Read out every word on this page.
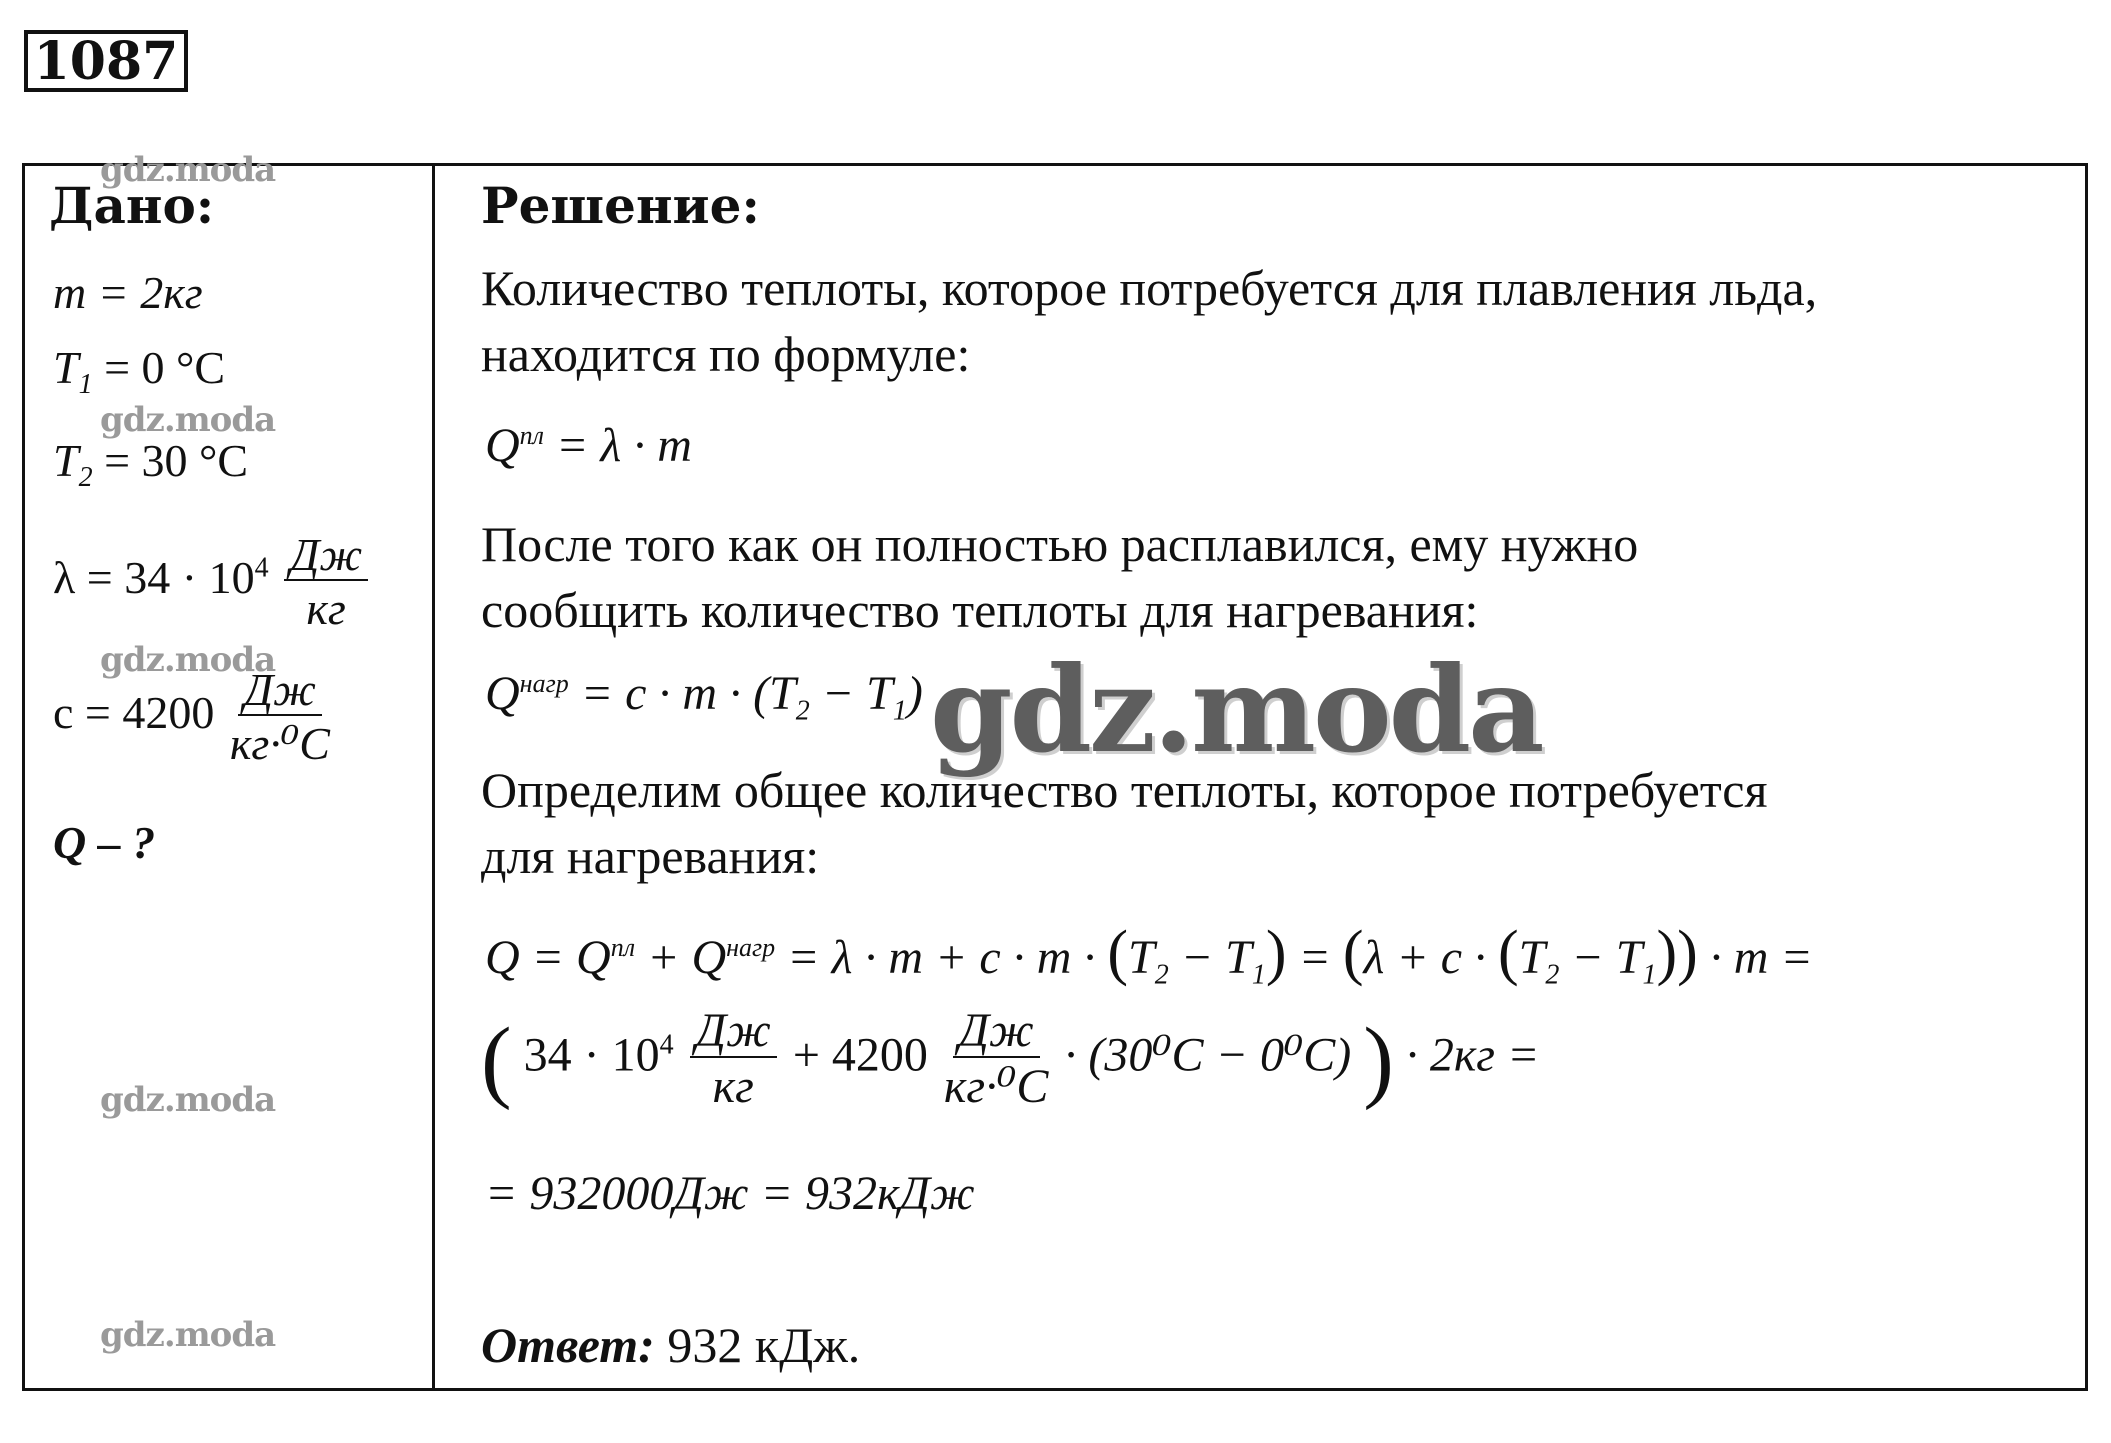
1087
Дано:
m = 2кг
$T_1 = 0$ °C
$T_2 = 30$ °C
$\lambda = 34 \cdot 10^4 \frac{Дж}{кг}$
$c = 4200 \frac{Дж}{\text{кг·⁰С}}$
Q – ?
Решение:
Количество теплоты, которое потребуется для плавления льда,
находится по формуле:
$Q^{пл} = \lambda \cdot m$
После того как он полностью расплавился, ему нужно
сообщить количество теплоты для нагревания:
$Q^{нагр} = c \cdot m \cdot (T_2 - T_1)$
Определим общее количество теплоты, которое потребуется
для нагревания:
$Q = Q^{пл} + Q^{нагр} = \lambda \cdot m + c \cdot m \cdot (T_2 - T_1) = (\lambda + c \cdot (T_2 - T_1)) \cdot m$ =
( $34 \cdot 10^4 \frac{Дж}{кг} + 4200 \frac{Дж}{\text{кг·⁰С}} \cdot (30^0С - 0^0С)$ ) · 2кг =
= 932000Дж = 932кДж
Ответ: 932 кДж.
gdz.moda
gdz.moda
gdz.moda
gdz.moda
gdz.moda
gdz.moda
